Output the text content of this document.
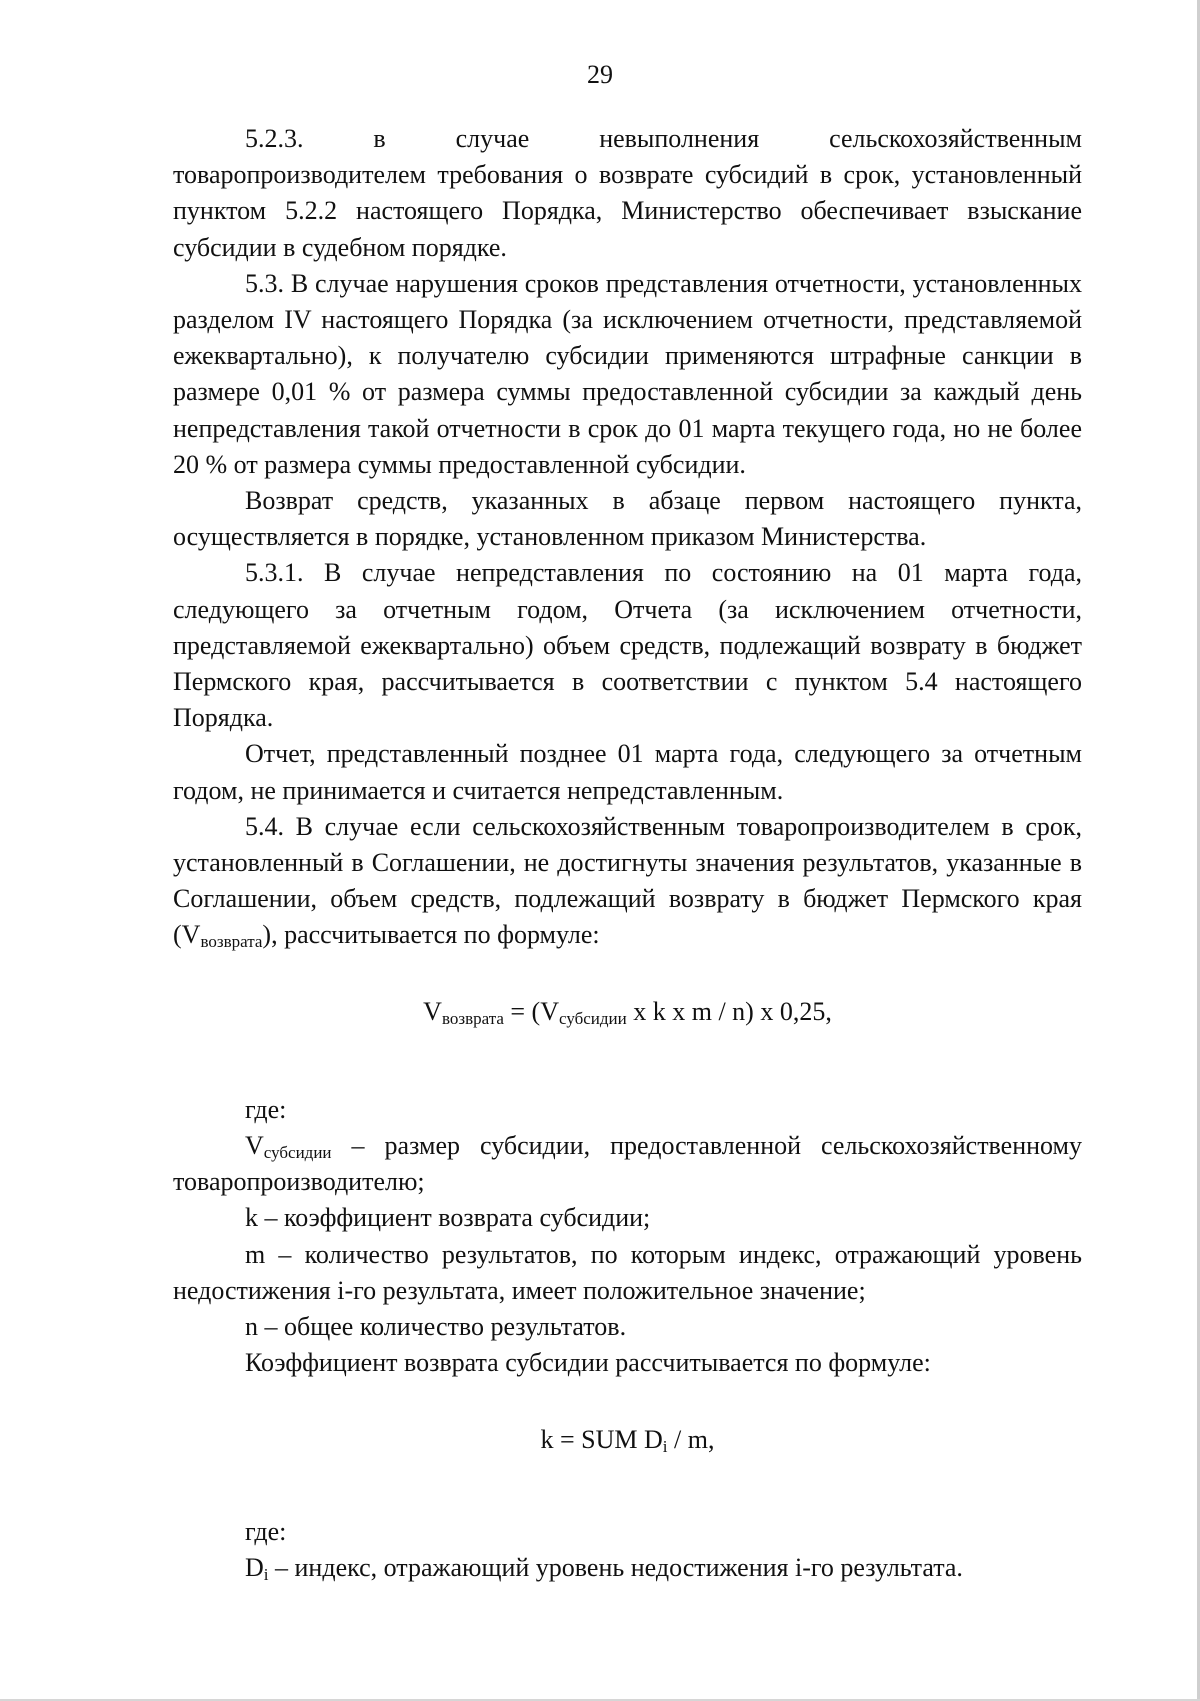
29

5.2.3. в случае невыполнения сельскохозяйственным товаропроизводителем требования о возврате субсидий в срок, установленный пунктом 5.2.2 настоящего Порядка, Министерство обеспечивает взыскание субсидии в судебном порядке.

5.3. В случае нарушения сроков представления отчетности, установленных разделом IV настоящего Порядка (за исключением отчетности, представляемой ежеквартально), к получателю субсидии применяются штрафные санкции в размере 0,01 % от размера суммы предоставленной субсидии за каждый день непредставления такой отчетности в срок до 01 марта текущего года, но не более 20 % от размера суммы предоставленной субсидии.

Возврат средств, указанных в абзаце первом настоящего пункта, осуществляется в порядке, установленном приказом Министерства.

5.3.1. В случае непредставления по состоянию на 01 марта года, следующего за отчетным годом, Отчета (за исключением отчетности, представляемой ежеквартально) объем средств, подлежащий возврату в бюджет Пермского края, рассчитывается в соответствии с пунктом 5.4 настоящего Порядка.

Отчет, представленный позднее 01 марта года, следующего за отчетным годом, не принимается и считается непредставленным.

5.4. В случае если сельскохозяйственным товаропроизводителем в срок, установленный в Соглашении, не достигнуты значения результатов, указанные в Соглашении, объем средств, подлежащий возврату в бюджет Пермского края $(V_{возврата})$, рассчитывается по формуле:

$V_{возврата} = (V_{субсидии}$ x k x m / n) x 0,25,

где:

$V_{субсидии}$ – размер субсидии, предоставленной сельскохозяйственному товаропроизводителю;

k – коэффициент возврата субсидии;

m – количество результатов, по которым индекс, отражающий уровень недостижения i-го результата, имеет положительное значение;

n – общее количество результатов.

Коэффициент возврата субсидии рассчитывается по формуле:

k = SUM $D_i$ / m,

где:

$D_i$ – индекс, отражающий уровень недостижения i-го результата.
